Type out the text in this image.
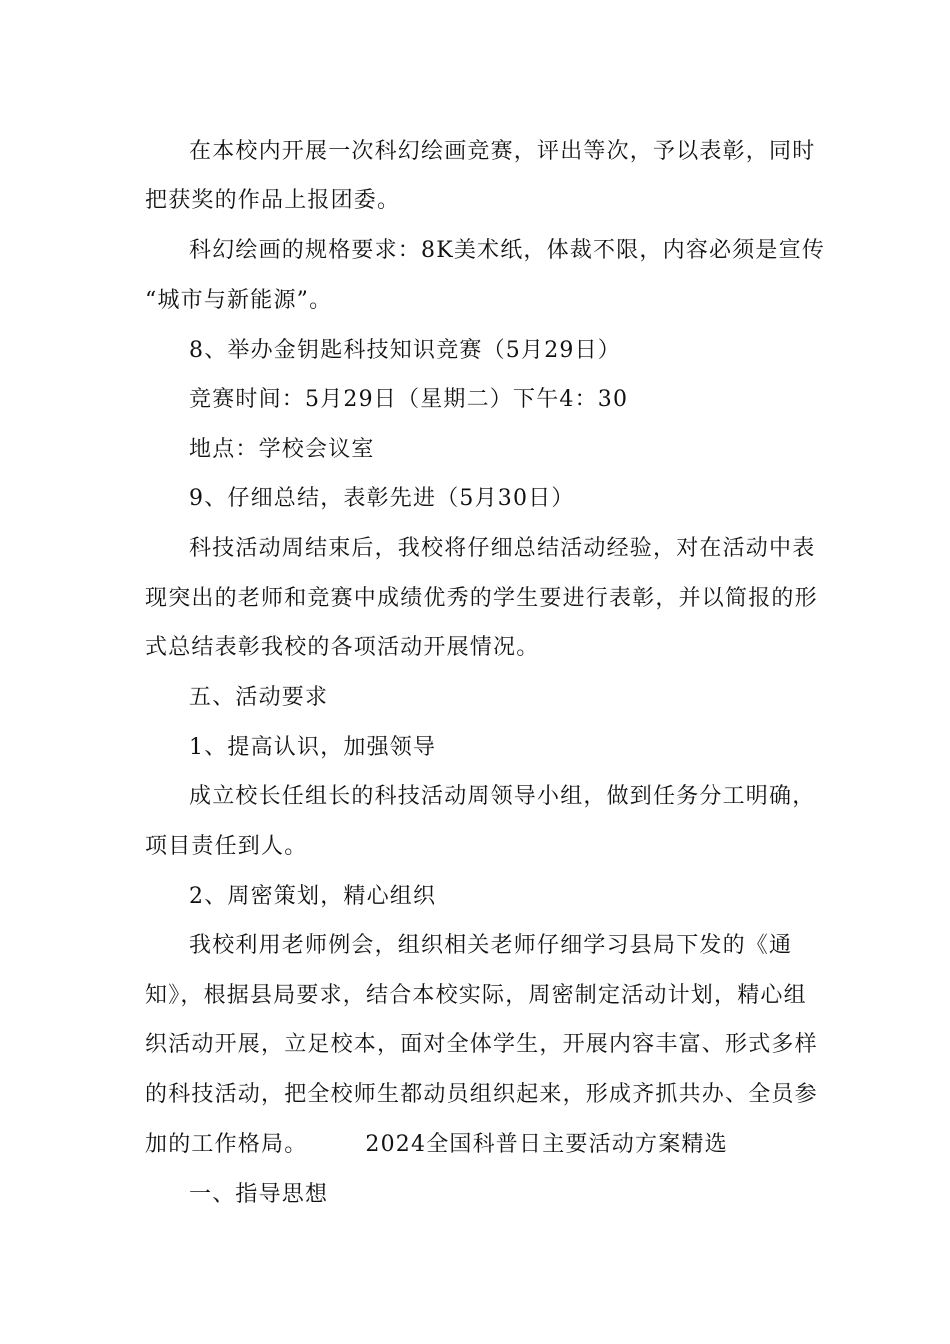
在本校内开展一次科幻绘画竞赛，评出等次，予以表彰，同时
把获奖的作品上报团委。
科幻绘画的规格要求：8K美术纸，体裁不限，内容必须是宣传
“城市与新能源”。
8、举办金钥匙科技知识竞赛（5月29日）
竞赛时间：5月29日（星期二）下午4：30
地点：学校会议室
9、仔细总结，表彰先进（5月30日）
科技活动周结束后，我校将仔细总结活动经验，对在活动中表
现突出的老师和竞赛中成绩优秀的学生要进行表彰，并以简报的形
式总结表彰我校的各项活动开展情况。
五、活动要求
1、提高认识，加强领导
成立校长任组长的科技活动周领导小组，做到任务分工明确，
项目责任到人。
2、周密策划，精心组织
我校利用老师例会，组织相关老师仔细学习县局下发的《通
知》，根据县局要求，结合本校实际，周密制定活动计划，精心组
织活动开展，立足校本，面对全体学生，开展内容丰富、形式多样
的科技活动，把全校师生都动员组织起来，形成齐抓共办、全员参
加的工作格局。	2024全国科普日主要活动方案精选
一、指导思想
